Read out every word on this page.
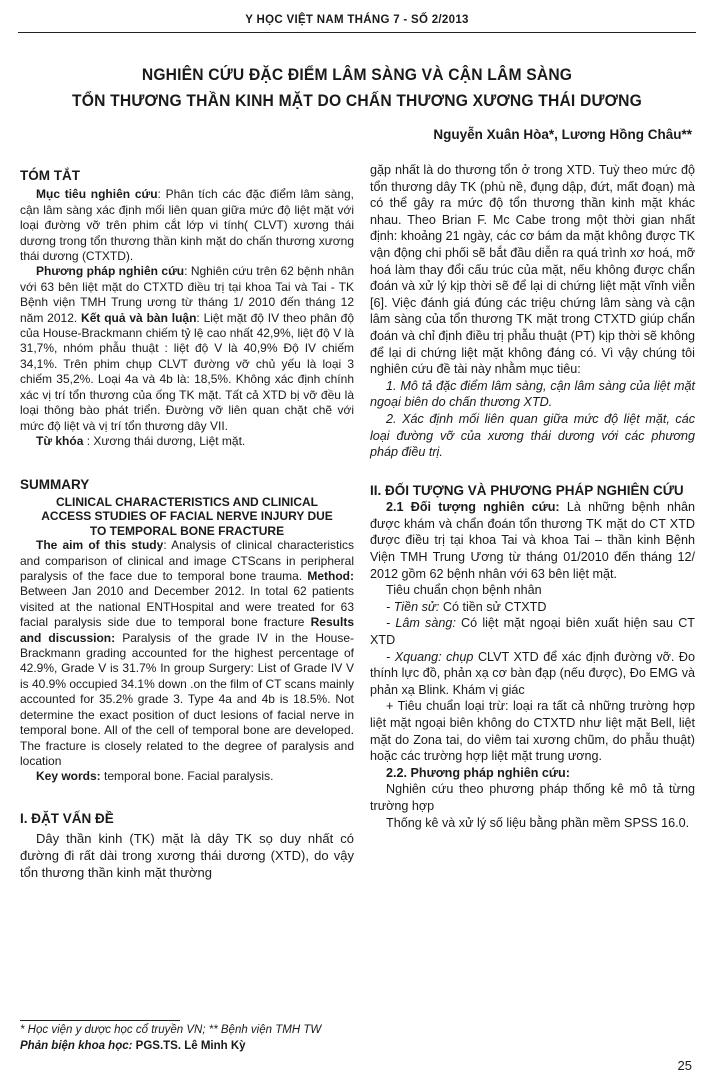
Y HỌC VIỆT NAM THÁNG 7 - SỐ 2/2013
NGHIÊN CỨU ĐẶC ĐIỂM LÂM SÀNG VÀ CẬN LÂM SÀNG
TỔN THƯƠNG THẦN KINH MẶT DO CHẤN THƯƠNG XƯƠNG THÁI DƯƠNG
Nguyễn Xuân Hòa*, Lương Hồng Châu**

TÓM TẮT

Mục tiêu nghiên cứu: Phân tích các đặc điểm lâm sàng, cận lâm sàng xác định mối liên quan giữa mức độ liệt mặt với loại đường vỡ trên phim cắt lớp vi tính( CLVT) xương thái dương trong tổn thương thần kinh mặt do chấn thương xương thái dương (CTXTD).

Phương pháp nghiên cứu: Nghiên cứu trên 62 bệnh nhân với 63 bên liệt mặt do CTXTD điều trị tại khoa Tai và Tai - TK Bệnh viện TMH Trung ương từ tháng 1/ 2010 đến tháng 12 năm 2012. Kết quả và bàn luận: Liệt mặt độ IV theo phân độ của House-Brackmann chiếm tỷ lệ cao nhất 42,9%, liệt độ V là 31,7%, nhóm phẫu thuật : liệt độ V là 40,9% Độ IV chiếm 34,1%. Trên phim chụp CLVT đường vỡ chủ yếu là loại 3 chiếm 35,2%. Loại 4a và 4b là: 18,5%. Không xác định chính xác vị trí tổn thương của ống TK mặt. Tất cả XTD bị vỡ đều là loại thông bào phát triển. Đường vỡ liên quan chặt chẽ với mức độ liệt và vị trí tổn thương dây VII.

Từ khóa : Xương thái dương, Liệt mặt.

SUMMARY

CLINICAL CHARACTERISTICS AND CLINICAL ACCESS STUDIES OF FACIAL NERVE INJURY DUE TO TEMPORAL BONE FRACTURE

The aim of this study: Analysis of clinical characteristics and comparison of clinical and image CTScans in peripheral paralysis of the face due to temporal bone trauma. Method: Between Jan 2010 and December 2012. In total 62 patients visited at the national ENTHospital and were treated for 63 facial paralysis side due to temporal bone fracture Results and discussion: Paralysis of the grade IV in the House-Brackmann grading accounted for the highest percentage of 42.9%, Grade V is 31.7% In group Surgery: List of Grade IV V is 40.9% occupied 34.1% down .on the film of CT scans mainly accounted for 35.2% grade 3. Type 4a and 4b is 18.5%. Not determine the exact position of duct lesions of facial nerve in temporal bone. All of the cell of temporal bone are developed. The fracture is closely related to the degree of paralysis and location

Key words: temporal bone. Facial paralysis.

I. ĐẶT VẤN ĐỀ

Dây thần kinh (TK) mặt là dây TK sọ duy nhất có đường đi rất dài trong xương thái dương (XTD), do vậy tổn thương thần kinh mặt thường

gặp nhất là do thương tổn ở trong XTD. Tuỳ theo mức độ tổn thương dây TK (phù nề, đụng dập, đứt, mất đoạn) mà có thể gây ra mức độ tổn thương thần kinh mặt khác nhau. Theo Brian F. Mc Cabe trong một thời gian nhất định: khoảng 21 ngày, các cơ bám da mặt không được TK vận động chi phối sẽ bắt đầu diễn ra quá trình xơ hoá, mỡ hoá làm thay đổi cấu trúc của mặt, nếu không được chẩn đoán và xử lý kịp thời sẽ để lại di chứng liệt mặt vĩnh viễn [6]. Việc đánh giá đúng các triệu chứng lâm sàng và cận lâm sàng của tổn thương TK mặt trong CTXTD giúp chẩn đoán và chỉ định điều trị phẫu thuật (PT) kịp thời sẽ không để lại di chứng liệt mặt không đáng có. Vì vậy chúng tôi nghiên cứu đề tài này nhằm mục tiêu:

1. Mô tả đặc điểm lâm sàng, cận lâm sàng của liệt mặt ngoại biên do chấn thương XTD.

2. Xác định mối liên quan giữa mức độ liệt mặt, các loại đường vỡ của xương thái dương với các phương pháp điều trị.

II. ĐỐI TƯỢNG VÀ PHƯƠNG PHÁP NGHIÊN CỨU

2.1 Đối tượng nghiên cứu: Là những bệnh nhân được khám và chẩn đoán tổn thương TK mặt do CT XTD được điều trị tại khoa Tai và khoa Tai – thần kinh Bệnh Viện TMH Trung Ương từ tháng 01/2010 đến tháng 12/ 2012 gồm 62 bệnh nhân với 63 bên liệt mặt.

Tiêu chuẩn chọn bệnh nhân

- Tiền sử: Có tiền sử CTXTD

- Lâm sàng: Có liệt mặt ngoại biên xuất hiện sau CT XTD

- Xquang: chụp CLVT XTD để xác định đường vỡ. Đo thính lực đồ, phản xạ cơ bàn đạp (nếu được), Đo EMG và phản xạ Blink. Khám vị giác

+ Tiêu chuẩn loại trừ: loại ra tất cả những trường hợp liệt mặt ngoại biên không do CTXTD như liệt mặt Bell, liệt mặt do Zona tai, do viêm tai xương chũm, do phẫu thuật) hoặc các trường hợp liệt mặt trung ương.

2.2. Phương pháp nghiên cứu:

Nghiên cứu theo phương pháp thống kê mô tả từng trường hợp

Thống kê và xử lý số liệu bằng phần mềm SPSS 16.0.

* Học viện y dược học cổ truyền VN; ** Bệnh viện TMH TW
Phản biện khoa học: PGS.TS. Lê Minh Kỳ
25
